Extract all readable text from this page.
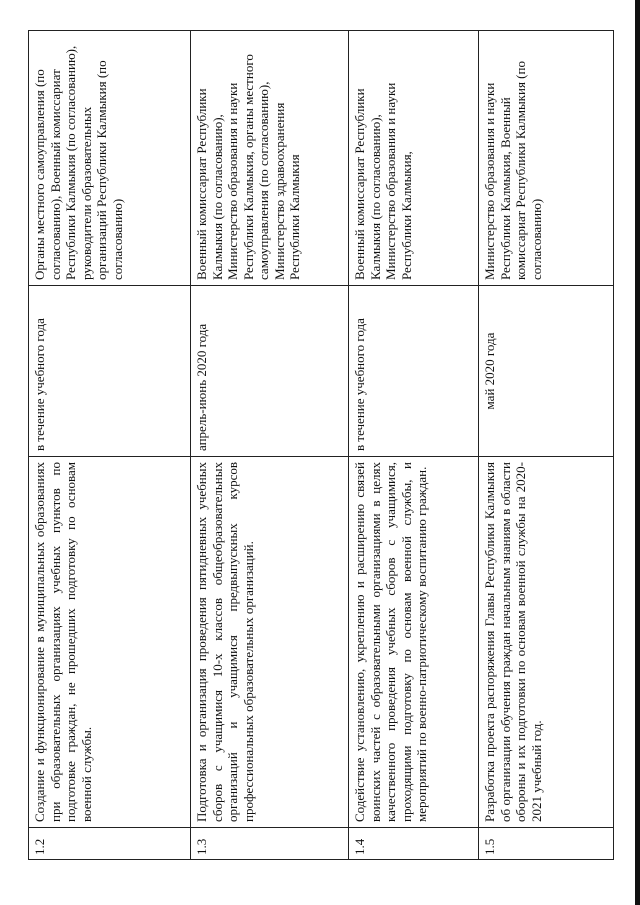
1.2	Создание и функционирование в муниципальных образованиях при образовательных организациях учебных пунктов по подготовке граждан, не прошедших подготовку по основам военной службы.	в течение учебного года	Органы местного самоуправления (по согласованию), Военный комиссариат Республики Калмыкия (по согласованию), руководители образовательных организаций Республики Калмыкия (по согласованию)
1.3	Подготовка и организация проведения пятидневных учебных сборов с учащимися 10-х классов общеобразовательных организаций и учащимися предвыпускных курсов профессиональных образовательных организаций.	апрель-июнь 2020 года	Военный комиссариат Республики Калмыкия (по согласованию), Министерство образования и науки Республики Калмыкия, органы местного самоуправления (по согласованию), Министерство здравоохранения Республики Калмыкия
1.4	Содействие установлению, укреплению и расширению связей воинских частей с образовательными организациями в целях качественного проведения учебных сборов с учащимися, проходящими подготовку по основам военной службы, и мероприятий по военно-патриотическому воспитанию граждан.	в течение учебного года	Военный комиссариат Республики Калмыкия (по согласованию), Министерство образования и науки Республики Калмыкия,
1.5	Разработка проекта распоряжения Главы Республики Калмыкия об организации обучения граждан начальным знаниям в области обороны и их подготовки по основам военной службы на 2020-2021 учебный год.	май 2020 года	Министерство образования и науки Республики Калмыкия, Военный комиссариат Республики Калмыкия (по согласованию)
